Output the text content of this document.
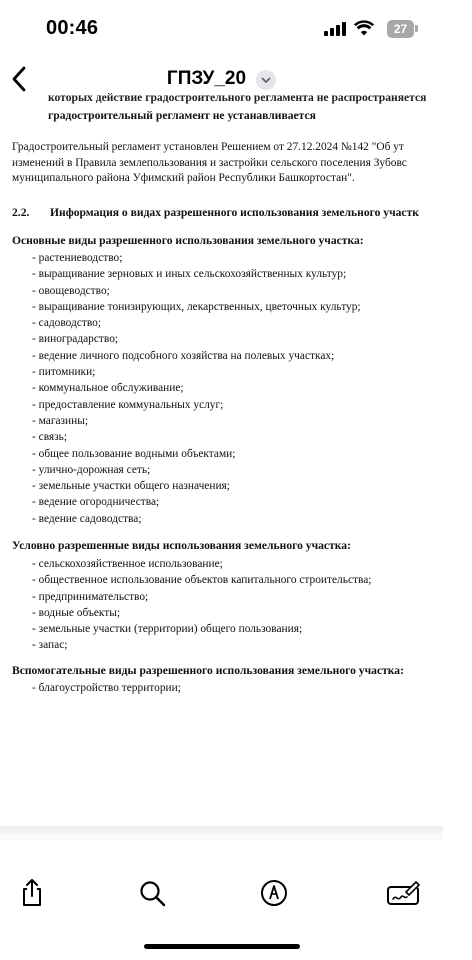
00:46	27
ГПЗУ_20
которых действие градостроительного регламента не распространяется
градостроительный регламент не устанавливается
Градостроительный регламент установлен Решением от 27.12.2024 №142 "Об ут
изменений в Правила землепользования и застройки сельского поселения Зубовс
муниципального района Уфимский район Республики Башкортостан".
2.2. Информация о видах разрешенного использования земельного участк
Основные виды разрешенного использования земельного участка:
- растениеводство;
- выращивание зерновых и иных сельскохозяйственных культур;
- овощеводство;
- выращивание тонизирующих, лекарственных, цветочных культур;
- садоводство;
- виноградарство;
- ведение личного подсобного хозяйства на полевых участках;
- питомники;
- коммунальное обслуживание;
- предоставление коммунальных услуг;
- магазины;
- связь;
- общее пользование водными объектами;
- улично-дорожная сеть;
- земельные участки общего назначения;
- ведение огородничества;
- ведение садоводства;
Условно разрешенные виды использования земельного участка:
- сельскохозяйственное использование;
- общественное использование объектов капитального строительства;
- предпринимательство;
- водные объекты;
- земельные участки (территории) общего пользования;
- запас;
Вспомогательные виды разрешенного использования земельного участка:
- благоустройство территории;
